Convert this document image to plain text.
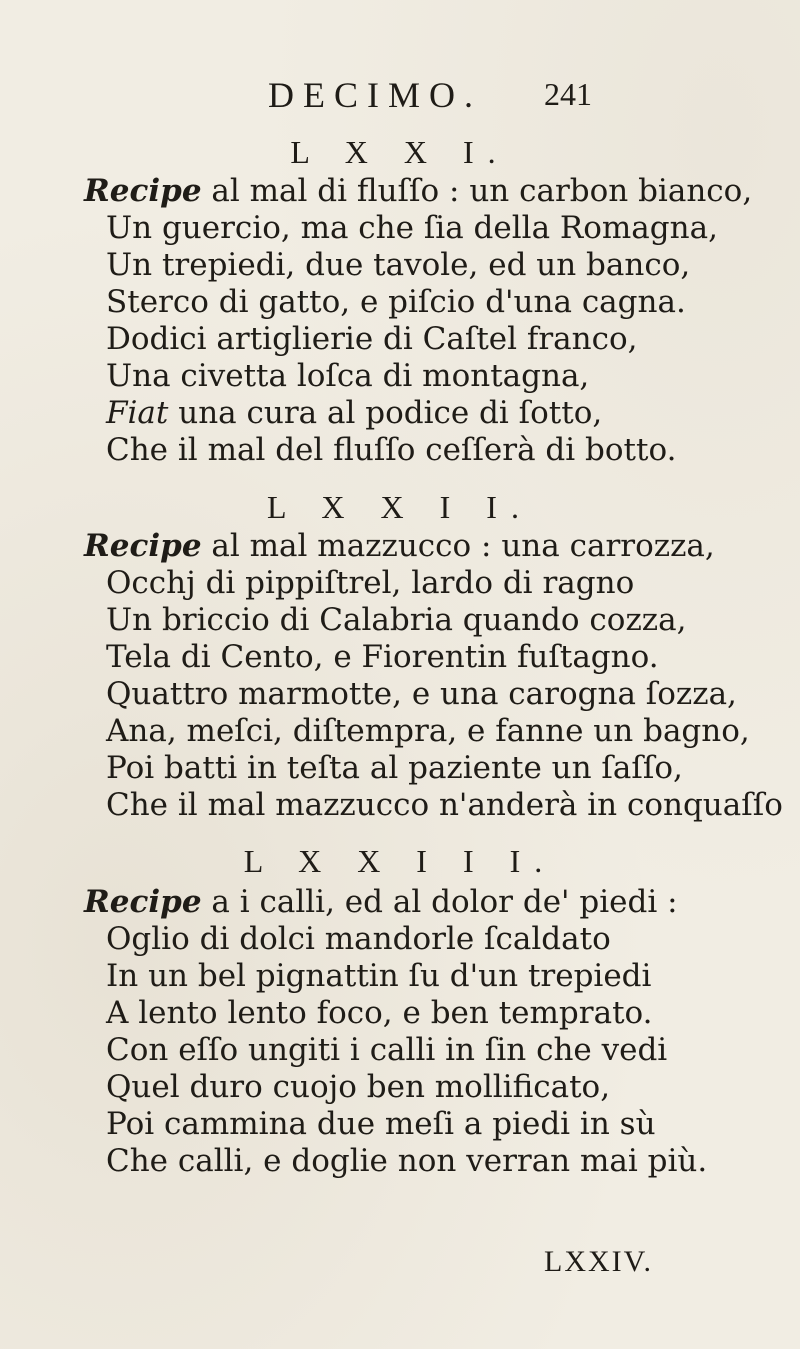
DECIMO. 241
L X X I.
Recipe al mal di fluſſo : un carbon bianco,
Un guercio, ma che ſia della Romagna,
Un trepiedi, due tavole, ed un banco,
Sterco di gatto, e piſcio d'una cagna.
Dodici artiglierie di Caſtel franco,
Una civetta loſca di montagna,
Fiat una cura al podice di ſotto,
Che il mal del fluſſo ceſſerà di botto.
L X X I I.
Recipe al mal mazzucco : una carrozza,
Occhj di pippiſtrel, lardo di ragno
Un briccio di Calabria quando cozza,
Tela di Cento, e Fiorentin fuſtagno.
Quattro marmotte, e una carogna ſozza,
Ana, meſci, diſtempra, e fanne un bagno,
Poi batti in teſta al paziente un ſaſſo,
Che il mal mazzucco n'anderà in conquaſſo
L X X I I I.
Recipe a i calli, ed al dolor de' piedi :
Oglio di dolci mandorle ſcaldato
In un bel pignattin ſu d'un trepiedi
A lento lento foco, e ben temprato.
Con eſſo ungiti i calli in ſin che vedi
Quel duro cuojo ben mollificato,
Poi cammina due meſi a piedi in sù
Che calli, e doglie non verran mai più.
LXXIV.
